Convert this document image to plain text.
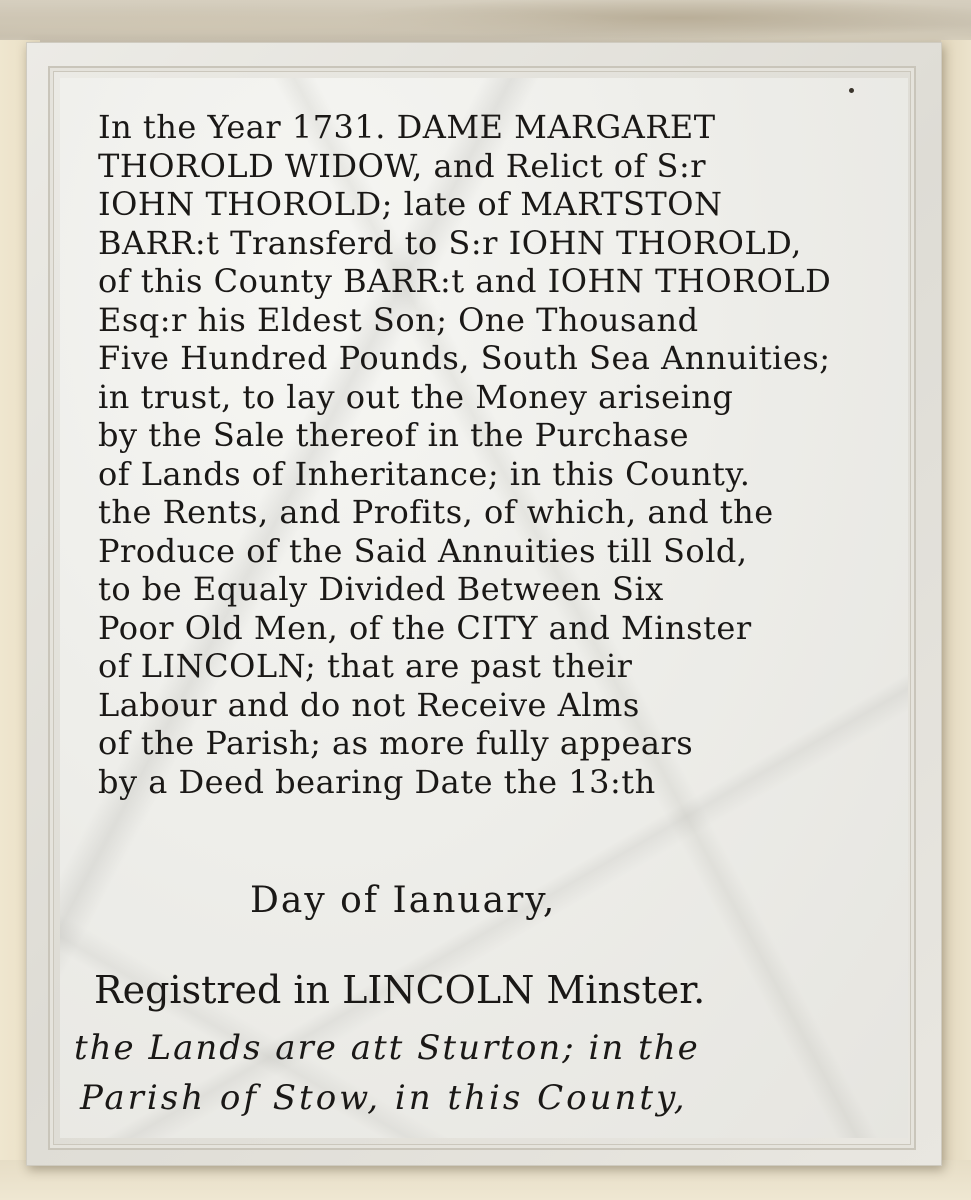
In the Year 1731. DAME MARGARET
THOROLD WIDOW, and Relict of S:r
IOHN THOROLD; late of MARTSTON
BARR:t Transferd to S:r IOHN THOROLD,
of this County BARR:t and IOHN THOROLD
Esq:r his Eldest Son; One Thousand
Five Hundred Pounds, South Sea Annuities;
in trust, to lay out the Money ariseing
by the Sale thereof in the Purchase
of Lands of Inheritance; in this County.
the Rents, and Profits, of which, and the
Produce of the Said Annuities till Sold,
to be Equaly Divided Between Six
Poor Old Men, of the CITY and Minster
of LINCOLN; that are past their
Labour and do not Receive Alms
of the Parish; as more fully appears
by a Deed bearing Date the 13:th
Day of Ianuary,
Registred in LINCOLN Minster.
the Lands are att Sturton; in the
Parish of Stow, in this County,
